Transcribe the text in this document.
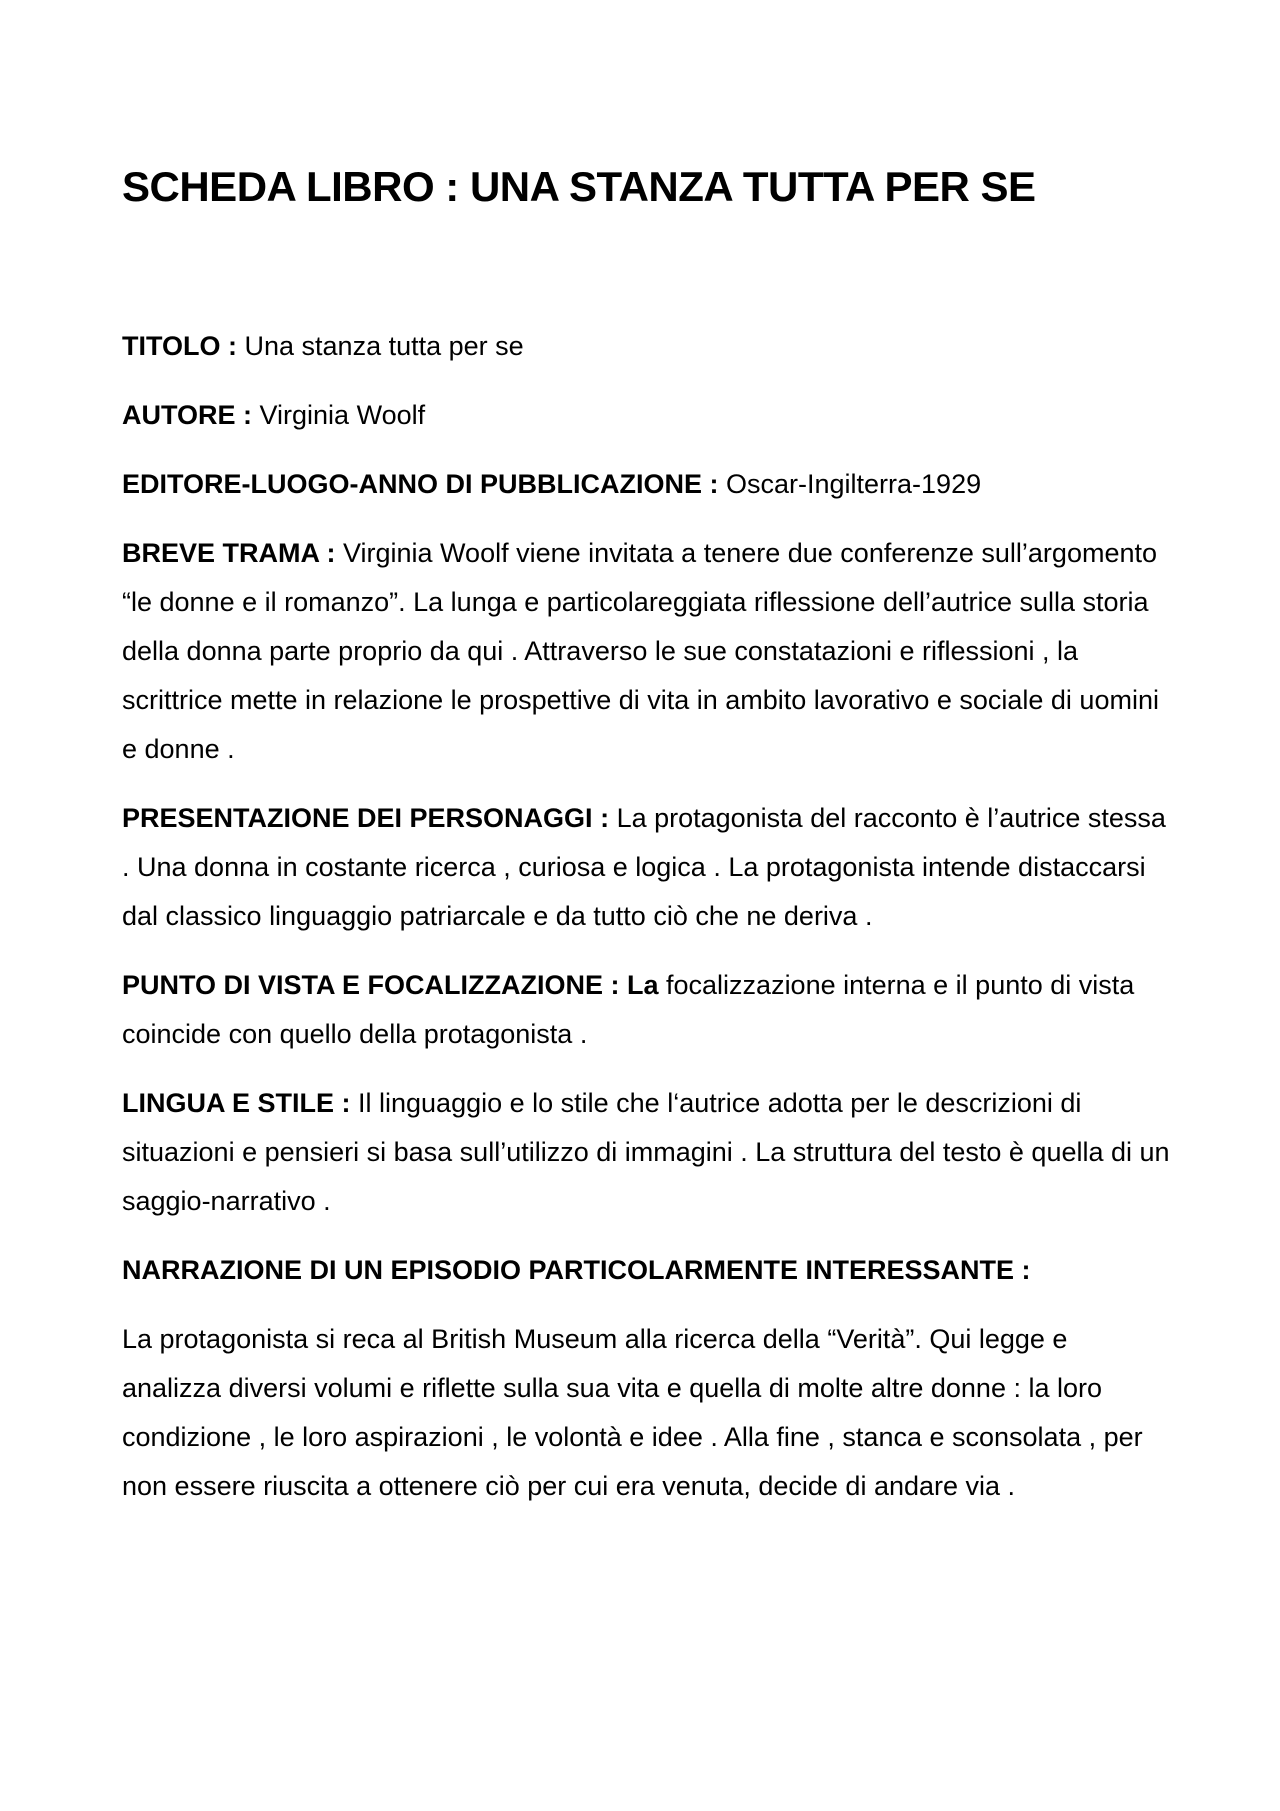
SCHEDA LIBRO : UNA STANZA TUTTA PER SE

TITOLO : Una stanza tutta per se

AUTORE : Virginia Woolf

EDITORE-LUOGO-ANNO DI PUBBLICAZIONE : Oscar-Ingilterra-1929

BREVE TRAMA : Virginia Woolf viene invitata a tenere due conferenze sull’argomento “le donne e il romanzo”. La lunga e particolareggiata riflessione dell’autrice sulla storia della donna parte proprio da qui . Attraverso le sue constatazioni e riflessioni , la scrittrice mette in relazione le prospettive di vita in ambito lavorativo e sociale di uomini e donne .

PRESENTAZIONE DEI PERSONAGGI : La protagonista del racconto è l’autrice stessa . Una donna in costante ricerca , curiosa e logica . La protagonista intende distaccarsi dal classico linguaggio patriarcale e da tutto ciò che ne deriva .

PUNTO DI VISTA E FOCALIZZAZIONE : La focalizzazione interna e il punto di vista coincide con quello della protagonista .

LINGUA E STILE : Il linguaggio e lo stile che l‘autrice adotta per le descrizioni di situazioni e pensieri si basa sull’utilizzo di immagini . La struttura del testo è quella di un saggio-narrativo .

NARRAZIONE DI UN EPISODIO PARTICOLARMENTE INTERESSANTE :

La protagonista si reca al British Museum alla ricerca della “Verità”. Qui legge e analizza diversi volumi e riflette sulla sua vita e quella di molte altre donne : la loro condizione , le loro aspirazioni , le volontà e idee . Alla fine , stanca e sconsolata , per non essere riuscita a ottenere ciò per cui era venuta, decide di andare via .
